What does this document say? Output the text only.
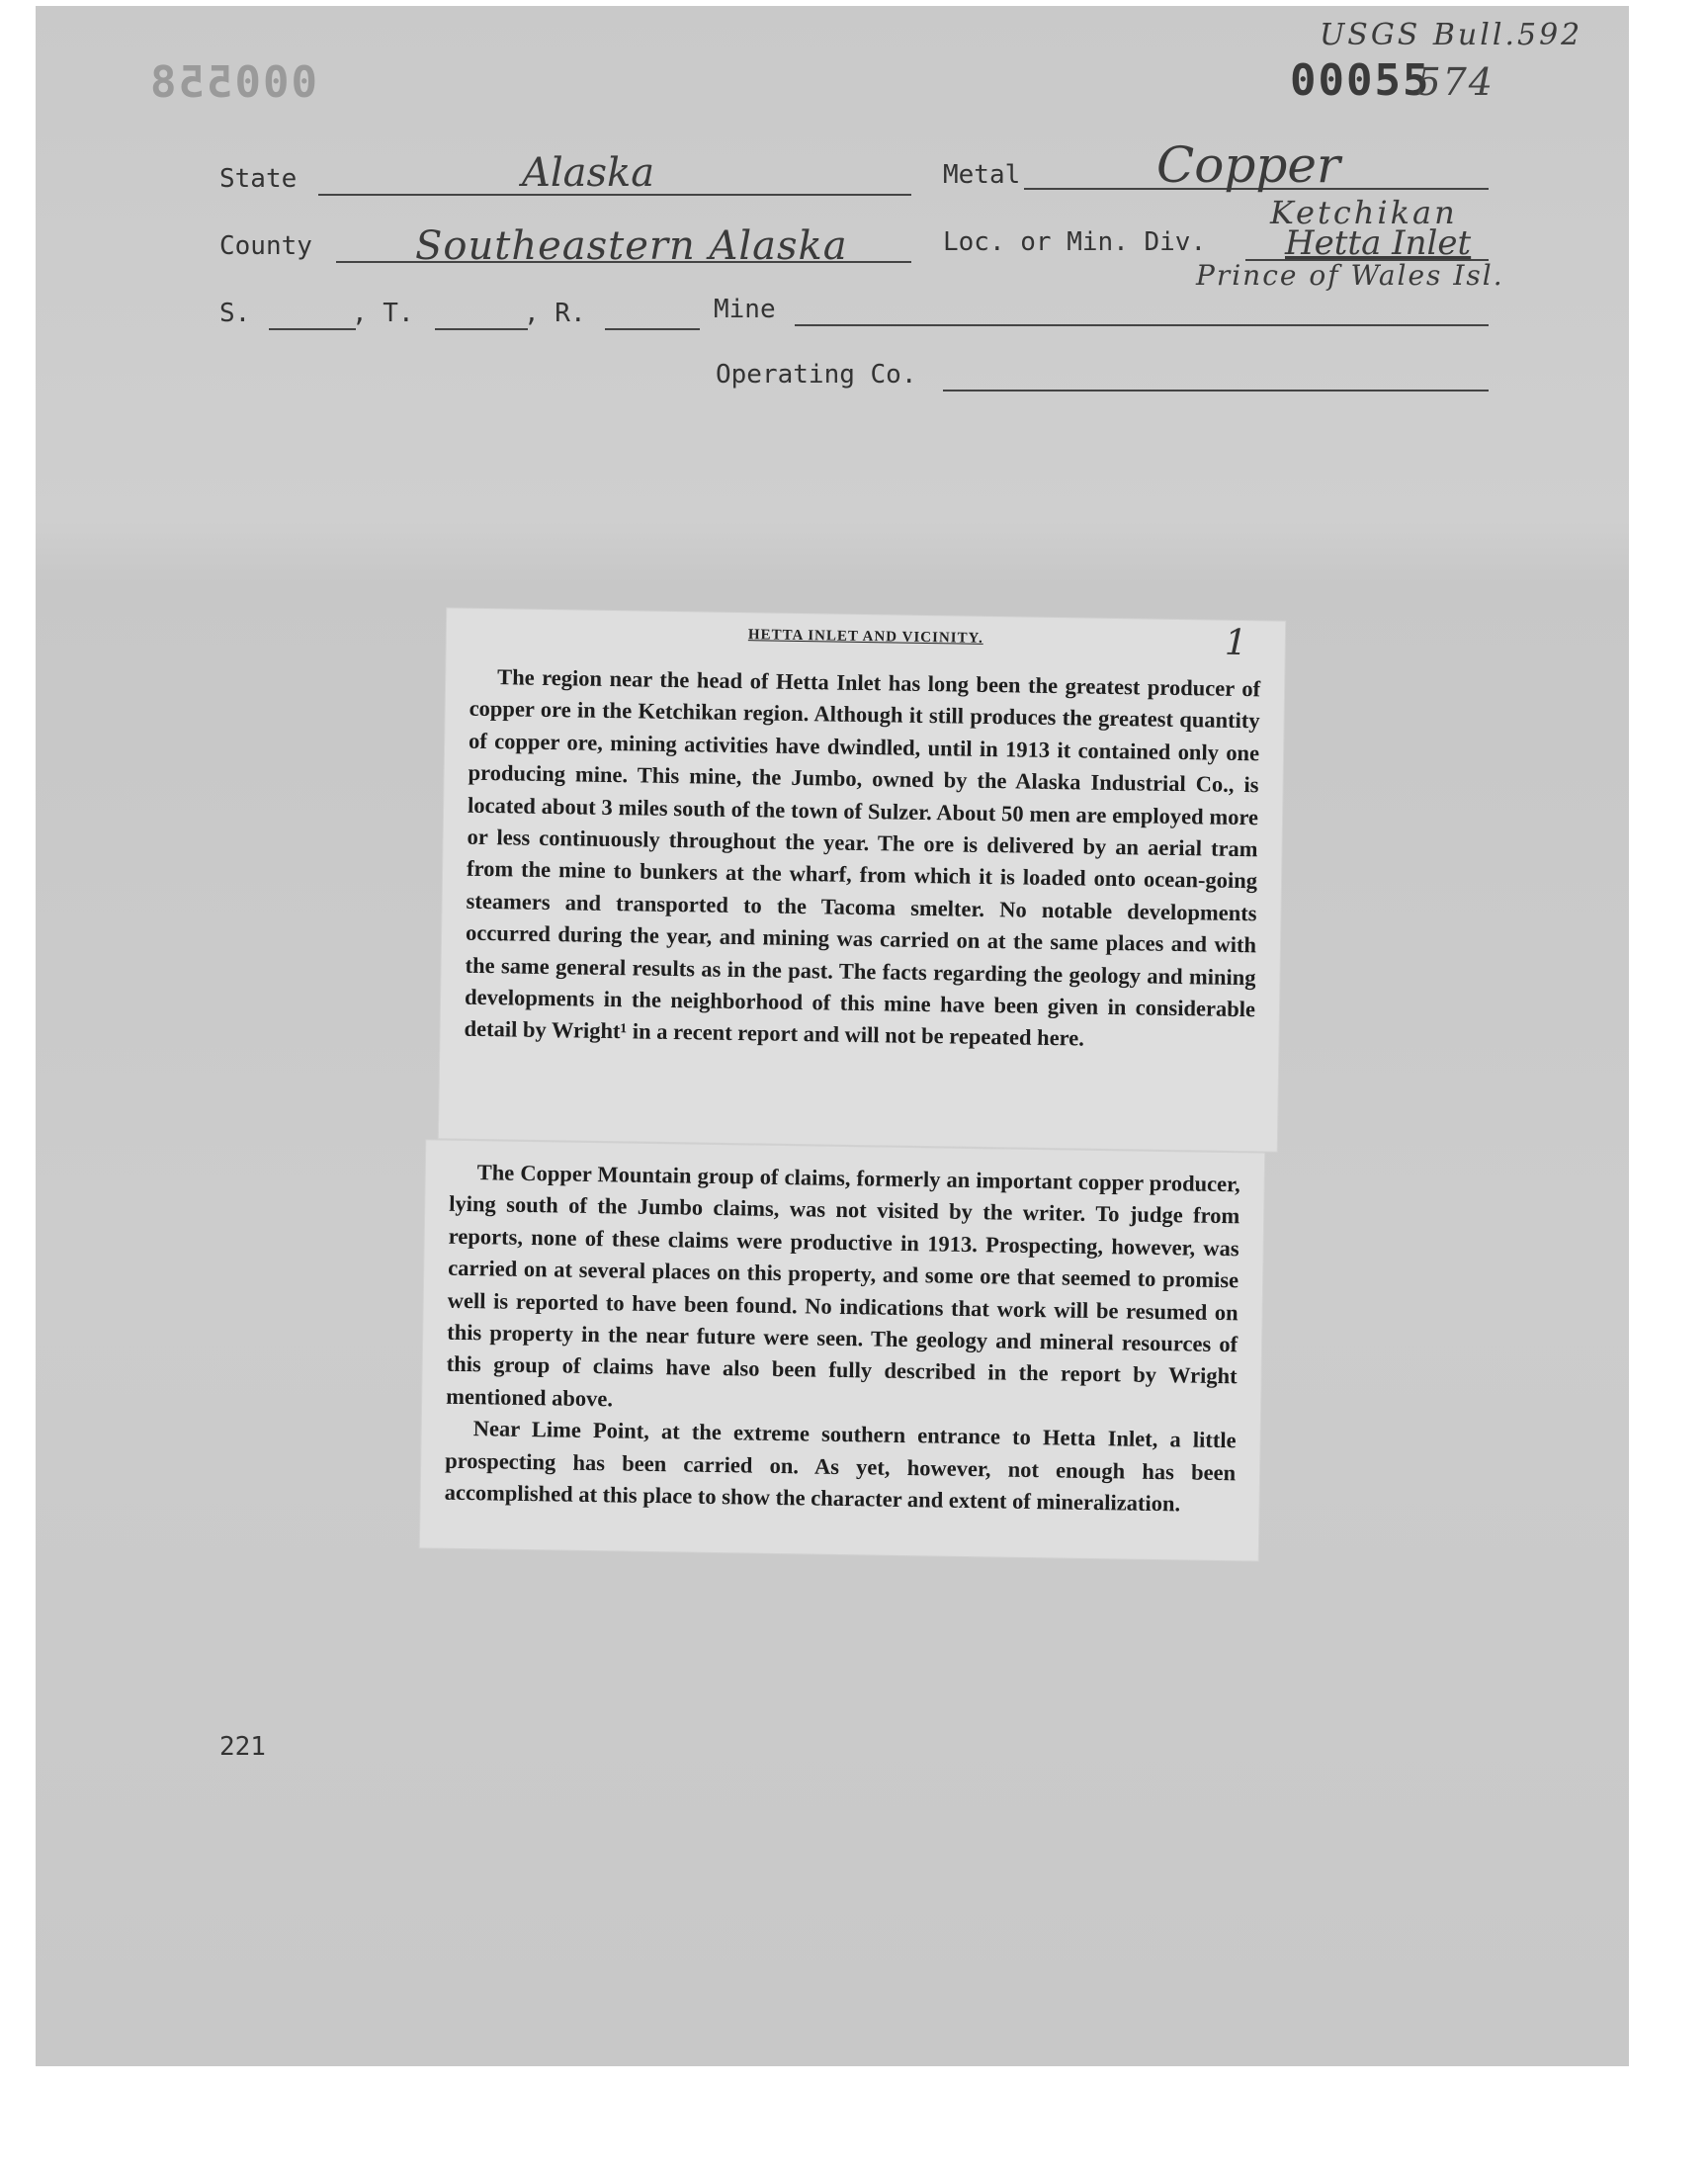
000558	00055574
USGS Bull.592
State	Alaska	Metal	Copper
County	Southeastern Alaska	Loc. or Min. Div.
Ketchikan
Hetta Inlet
Prince of Wales Isl.
S.	, T.	, R.	Mine
Operating Co.
HETTA INLET AND VICINITY.	1

The region near the head of Hetta Inlet has long been the greatest producer of copper ore in the Ketchikan region. Although it still produces the greatest quantity of copper ore, mining activities have dwindled, until in 1913 it contained only one producing mine. This mine, the Jumbo, owned by the Alaska Industrial Co., is located about 3 miles south of the town of Sulzer. About 50 men are employed more or less continuously throughout the year. The ore is delivered by an aerial tram from the mine to bunkers at the wharf, from which it is loaded onto ocean-going steamers and transported to the Tacoma smelter. No notable developments occurred during the year, and mining was carried on at the same places and with the same general results as in the past. The facts regarding the geology and mining developments in the neighborhood of this mine have been given in considerable detail by Wright¹ in a recent report and will not be repeated here.

The Copper Mountain group of claims, formerly an important copper producer, lying south of the Jumbo claims, was not visited by the writer. To judge from reports, none of these claims were productive in 1913. Prospecting, however, was carried on at several places on this property, and some ore that seemed to promise well is reported to have been found. No indications that work will be resumed on this property in the near future were seen. The geology and mineral resources of this group of claims have also been fully described in the report by Wright mentioned above.

Near Lime Point, at the extreme southern entrance to Hetta Inlet, a little prospecting has been carried on. As yet, however, not enough has been accomplished at this place to show the character and extent of mineralization.

221
